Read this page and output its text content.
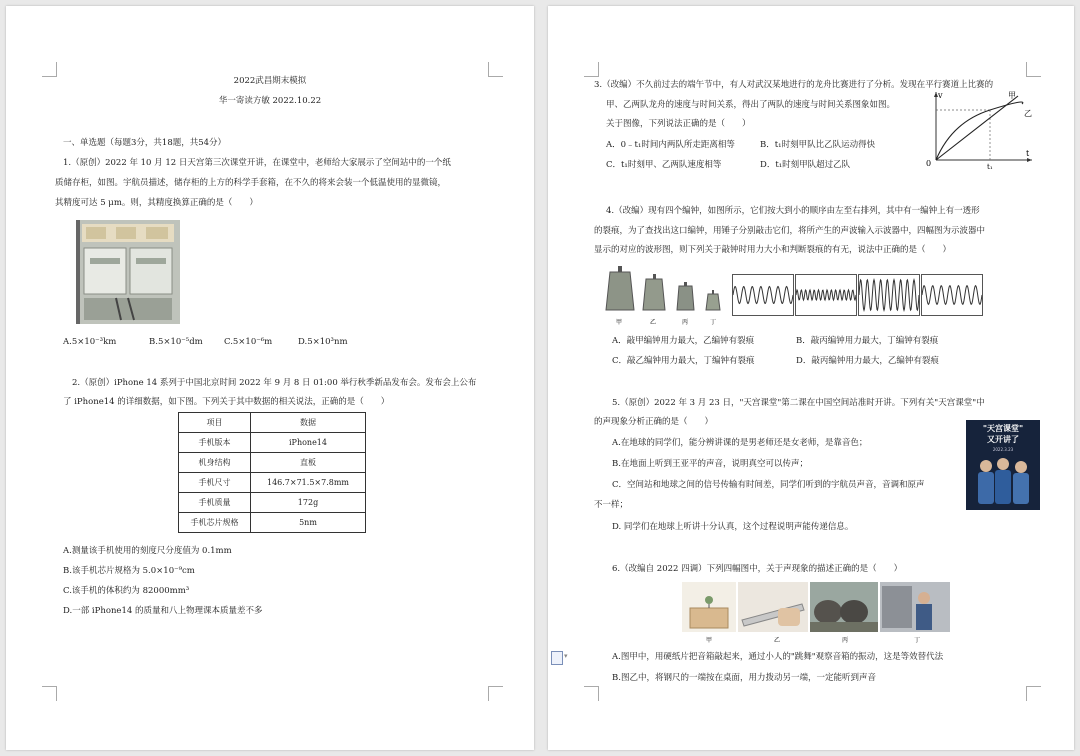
2022武昌期末模拟
华一寄读方敏 2022.10.22
一、单选题（每题3分，共18题，共54分）
1.（原创）2022 年 10 月 12 日天宫第三次课堂开讲，在课堂中，老师给大家展示了空间站中的一个纸
质储存柜，如图。宇航员描述，储存柜的上方的科学手套箱，在不久的将来会装一个低温使用的显微镜，
其精度可达 5 μm。则，其精度换算正确的是（　　）
A.5×10⁻³km	B.5×10⁻⁵dm	C.5×10⁻⁶m	D.5×10³nm
2.（原创）iPhone 14 系列于中国北京时间 2022 年 9 月 8 日 01:00 举行秋季新品发布会。发布会上公布
了 iPhone14 的详细数据，如下图。下列关于其中数据的相关说法，正确的是（　　）
项目	数据
手机版本	iPhone14
机身结构	直板
手机尺寸	146.7×71.5×7.8mm
手机质量	172g
手机芯片规格	5nm
A.测量该手机使用的刻度尺分度值为 0.1mm
B.该手机芯片规格为 5.0×10⁻⁹cm
C.该手机的体积约为 82000mm³
D.一部 iPhone14 的质量和八上物理课本质量差不多
▾
3.（改编）不久前过去的端午节中，有人对武汉某地进行的龙舟比赛进行了分析。发现在平行赛道上比赛的
甲、乙两队龙舟的速度与时间关系，得出了两队的速度与时间关系图象如图。
关于图像，下列说法正确的是（　　）
A．0﹣t₁时间内两队所走距离相等	B．t₁时刻甲队比乙队运动得快
C．t₁时刻甲、乙两队速度相等	D．t₁时刻甲队超过乙队
v
t
0	t₁
甲
乙
4.（改编）现有四个编钟，如图所示，它们按大到小的顺序由左至右排列，其中有一编钟上有一透形
的裂痕，为了查找出这口编钟，用锤子分别敲击它们，将所产生的声波输入示波器中，四幅图为示波器中
显示的对应的波形图，则下列关于敲钟时用力大小和判断裂痕的有无，说法中正确的是（　　）
甲	乙	丙	丁
A．敲甲编钟用力最大，乙编钟有裂痕	B．敲丙编钟用力最大，丁编钟有裂痕
C．敲乙编钟用力最大，丁编钟有裂痕	D．敲丙编钟用力最大，乙编钟有裂痕
5.（原创）2022 年 3 月 23 日，"天宫课堂"第二课在中国空间站准时开讲。下列有关"天宫课堂"中
的声现象分析正确的是（　　）
A.在地球的同学们，能分辨讲课的是男老师还是女老师，是靠音色；
B.在地面上听到王亚平的声音，说明真空可以传声；
C．空间站和地球之间的信号传输有时间差，同学们听到的宇航员声音，音调和原声
不一样；
D. 同学们在地球上听讲十分认真，这个过程说明声能传递信息。
"天宫课堂"
又开讲了
2022.3.23
6.（改编自 2022 四调）下列四幅图中，关于声现象的描述正确的是（　　）
甲	乙	丙	丁
A.图甲中，用硬纸片把音箱敲起来，通过小人的"跳舞"观察音箱的振动，这是等效替代法
B.图乙中，将钢尺的一端按在桌面，用力拨动另一端，一定能听到声音
